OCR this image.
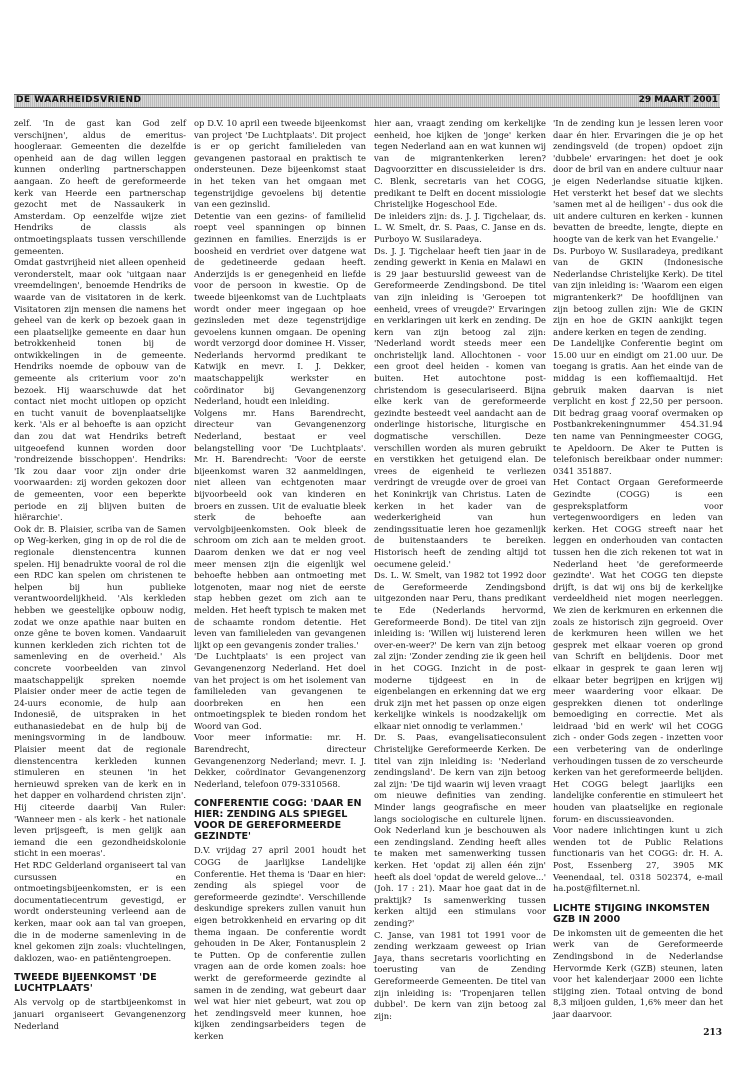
DE WAARHEIDSVRIEND	29 MAART 2001

zelf. 'In de gast kan God zelf verschijnen', aldus de emeritus-hoogleraar. Gemeenten die dezelfde openheid aan de dag willen leggen kunnen onderling partnerschappen aangaan. Zo heeft de gereformeerde kerk van Heerde een partnerschap gezocht met de Nassaukerk in Amsterdam. Op eenzelfde wijze ziet Hendriks de classis als ontmoetingsplaats tussen verschillende gemeenten.

Omdat gastvrijheid niet alleen openheid veronderstelt, maar ook 'uitgaan naar vreemdelingen', benoemde Hendriks de waarde van de visitatoren in de kerk. Visitatoren zijn mensen die namens het geheel van de kerk op bezoek gaan in een plaatselijke gemeente en daar hun betrokkenheid tonen bij de ontwikkelingen in de gemeente. Hendriks noemde de opbouw van de gemeente als criterium voor zo'n bezoek. Hij waarschuwde dat het contact niet mocht uitlopen op opzicht en tucht vanuit de bovenplaatselijke kerk. 'Als er al behoefte is aan opzicht dan zou dat wat Hendriks betreft uitgeoefend kunnen worden door 'rondreizende bisschoppen'. Hendriks: 'Ik zou daar voor zijn onder drie voorwaarden: zij worden gekozen door de gemeenten, voor een beperkte periode en zij blijven buiten de hiërarchie'.

Ook dr. B. Plaisier, scriba van de Samen op Weg-kerken, ging in op de rol die de regionale dienstencentra kunnen spelen. Hij benadrukte vooral de rol die een RDC kan spelen om christenen te helpen bij hun publieke verantwoordelijkheid. 'Als kerkleden hebben we geestelijke opbouw nodig, zodat we onze apathie naar buiten en onze gêne te boven komen. Vandaaruit kunnen kerkleden zich richten tot de samenleving en de overheid.' Als concrete voorbeelden van zinvol maatschappelijk spreken noemde Plaisier onder meer de actie tegen de 24-uurs economie, de hulp aan Indonesië, de uitspraken in het euthanasiedebat en de hulp bij de meningsvorming in de landbouw. Plaisier meent dat de regionale dienstencentra kerkleden kunnen stimuleren en steunen 'in het hernieuwd spreken van de kerk en in het dapper en volhardend christen zijn'. Hij citeerde daarbij Van Ruler: 'Wanneer men - als kerk - het nationale leven prijsgeeft, is men gelijk aan iemand die een gezondheidskolonie sticht in een moeras'.

Het RDC Gelderland organiseert tal van cursussen en ontmoetingsbijeenkomsten, er is een documentatiecentrum gevestigd, er wordt ondersteuning verleend aan de kerken, maar ook aan tal van groepen, die in de moderne samenleving in de knel gekomen zijn zoals: vluchtelingen, daklozen, wao- en patiëntengroepen.

TWEEDE BIJEENKOMST 'DE LUCHTPLAATS'

Als vervolg op de startbijeenkomst in januari organiseert Gevangenenzorg Nederland

op D.V. 10 april een tweede bijeenkomst van project 'De Luchtplaats'. Dit project is er op gericht familieleden van gevangenen pastoraal en praktisch te ondersteunen. Deze bijeenkomst staat in het teken van het omgaan met tegenstrijdige gevoelens bij detentie van een gezinslid.

Detentie van een gezins- of familielid roept veel spanningen op binnen gezinnen en families. Enerzijds is er boosheid en verdriet over datgene wat de gedetineerde gedaan heeft. Anderzijds is er genegenheid en liefde voor de persoon in kwestie. Op de tweede bijeenkomst van de Luchtplaats wordt onder meer ingegaan op hoe gezinsleden met deze tegenstrijdige gevoelens kunnen omgaan. De opening wordt verzorgd door dominee H. Visser, Nederlands hervormd predikant te Katwijk en mevr. I. J. Dekker, maatschappelijk werkster en coördinator bij Gevangenenzorg Nederland, houdt een inleiding.

Volgens mr. Hans Barendrecht, directeur van Gevangenenzorg Nederland, bestaat er veel belangstelling voor 'De Luchtplaats'. Mr. H. Barendrecht: 'Voor de eerste bijeenkomst waren 32 aanmeldingen, niet alleen van echtgenoten maar bijvoorbeeld ook van kinderen en broers en zussen. Uit de evaluatie bleek sterk de behoefte aan vervolgbijeenkomsten. Ook bleek de schroom om zich aan te melden groot. Daarom denken we dat er nog veel meer mensen zijn die eigenlijk wel behoefte hebben aan ontmoeting met lotgenoten, maar nog niet de eerste stap hebben gezet om zich aan te melden. Het heeft typisch te maken met de schaamte rondom detentie. Het leven van familieleden van gevangenen lijkt op een gevangenis zonder tralies.'

'De Luchtplaats' is een project van Gevangenenzorg Nederland. Het doel van het project is om het isolement van familieleden van gevangenen te doorbreken en hen een ontmoetingsplek te bieden rondom het Woord van God.

Voor meer informatie: mr. H. Barendrecht, directeur Gevangenenzorg Nederland; mevr. I. J. Dekker, coördinator Gevangenenzorg Nederland, telefoon 079-3310568.

CONFERENTIE COGG: 'DAAR EN HIER: ZENDING ALS SPIEGEL VOOR DE GEREFORMEERDE GEZINDTE'

D.V. vrijdag 27 april 2001 houdt het COGG de jaarlijkse Landelijke Conferentie. Het thema is 'Daar en hier: zending als spiegel voor de gereformeerde gezindte'. Verschillende deskundige sprekers zullen vanuit hun eigen betrokkenheid en ervaring op dit thema ingaan. De conferentie wordt gehouden in De Aker, Fontanusplein 2 te Putten. Op de conferentie zullen vragen aan de orde komen zoals: hoe werkt de gereformeerde gezindte al samen in de zending, wat gebeurt daar wel wat hier niet gebeurt, wat zou op het zendingsveld meer kunnen, hoe kijken zendingsarbeiders tegen de kerken

hier aan, vraagt zending om kerkelijke eenheid, hoe kijken de 'jonge' kerken tegen Nederland aan en wat kunnen wij van de migrantenkerken leren? Dagvoorzitter en discussieleider is drs. C. Blenk, secretaris van het COGG, predikant te Delft en docent missiologie Christelijke Hogeschool Ede.

De inleiders zijn: ds. J. J. Tigchelaar, ds. L. W. Smelt, dr. S. Paas, C. Janse en ds. Purboyo W. Susilaradeya.

Ds. J. J. Tigchelaar heeft tien jaar in de zending gewerkt in Kenia en Malawi en is 29 jaar bestuurslid geweest van de Gereformeerde Zendingsbond. De titel van zijn inleiding is 'Geroepen tot eenheid, vrees of vreugde?' Ervaringen en verklaringen uit kerk en zending. De kern van zijn betoog zal zijn: 'Nederland wordt steeds meer een onchristelijk land. Allochtonen - voor een groot deel heiden - komen van buiten. Het autochtone post-christendom is geseculariseerd. Bijna elke kerk van de gereformeerde gezindte besteedt veel aandacht aan de onderlinge historische, liturgische en dogmatische verschillen. Deze verschillen worden als muren gebruikt en verstikken het getuigend elan. De vrees de eigenheid te verliezen verdringt de vreugde over de groei van het Koninkrijk van Christus. Laten de kerken in het kader van de wederkerigheid van hun zendingssituatie leren hoe gezamenlijk de buitenstaanders te bereiken. Historisch heeft de zending altijd tot oecumene geleid.'

Ds. L. W. Smelt, van 1982 tot 1992 door de Gereformeerde Zendingsbond uitgezonden naar Peru, thans predikant te Ede (Nederlands hervormd, Gereformeerde Bond). De titel van zijn inleiding is: 'Willen wij luisterend leren over-en-weer?' De kern van zijn betoog zal zijn: 'Zonder zending zie ik geen heil in het COGG. Inzicht in de post-moderne tijdgeest en in de eigenbelangen en erkenning dat we erg druk zijn met het passen op onze eigen kerkelijke winkels is noodzakelijk om elkaar niet onnodig te verlammen.'

Dr. S. Paas, evangelisatieconsulent Christelijke Gereformeerde Kerken. De titel van zijn inleiding is: 'Nederland zendingsland'. De kern van zijn betoog zal zijn: 'De tijd waarin wij leven vraagt om nieuwe definities van zending. Minder langs geografische en meer langs sociologische en culturele lijnen. Ook Nederland kun je beschouwen als een zendingsland. Zending heeft alles te maken met samenwerking tussen kerken. Het 'opdat zij allen één zijn' heeft als doel 'opdat de wereld gelove...' (Joh. 17 : 21). Maar hoe gaat dat in de praktijk? Is samenwerking tussen kerken altijd een stimulans voor zending?'

C. Janse, van 1981 tot 1991 voor de zending werkzaam geweest op Irian Jaya, thans secretaris voorlichting en toerusting van de Zending Gereformeerde Gemeenten. De titel van zijn inleiding is: 'Tropenjaren tellen dubbel'. De kern van zijn betoog zal zijn:

'In de zending kun je lessen leren voor daar én hier. Ervaringen die je op het zendingsveld (de tropen) opdoet zijn 'dubbele' ervaringen: het doet je ook door de bril van en andere cultuur naar je eigen Nederlandse situatie kijken. Het versterkt het besef dat we slechts 'samen met al de heiligen' - dus ook die uit andere culturen en kerken - kunnen bevatten de breedte, lengte, diepte en hoogte van de kerk van het Evangelie.'

Ds. Purboyo W. Susilaradeya, predikant van de GKIN (Indonesische Nederlandse Christelijke Kerk). De titel van zijn inleiding is: 'Waarom een eigen migrantenkerk?' De hoofdlijnen van zijn betoog zullen zijn: Wie de GKIN zijn en hoe de GKIN aankijkt tegen andere kerken en tegen de zending.

De Landelijke Conferentie begint om 15.00 uur en eindigt om 21.00 uur. De toegang is gratis. Aan het einde van de middag is een koffiemaaltijd. Het gebruik maken daarvan is niet verplicht en kost ƒ 22,50 per persoon. Dit bedrag graag vooraf overmaken op Postbankrekeningnummer 454.31.94 ten name van Penningmeester COGG, te Apeldoorn. De Aker te Putten is telefonisch bereikbaar onder nummer: 0341 351887.

Het Contact Orgaan Gereformeerde Gezindte (COGG) is een gespreksplatform voor vertegenwoordigers en leden van kerken. Het COGG streeft naar het leggen en onderhouden van contacten tussen hen die zich rekenen tot wat in Nederland heet 'de gereformeerde gezindte'. Wat het COGG ten diepste drijft, is dat wij ons bij de kerkelijke verdeeldheid niet mogen neerleggen. We zien de kerkmuren en erkennen die zoals ze historisch zijn gegroeid. Over de kerkmuren heen willen we het gesprek met elkaar voeren op grond van Schrift en belijdenis. Door met elkaar in gesprek te gaan leren wij elkaar beter begrijpen en krijgen wij meer waardering voor elkaar. De gesprekken dienen tot onderlinge bemoediging en correctie. Met als leidraad 'bid en werk' wil het COGG zich - onder Gods zegen - inzetten voor een verbetering van de onderlinge verhoudingen tussen de zo verscheurde kerken van het gereformeerde belijden. Het COGG belegt jaarlijks een landelijke conferentie en stimuleert het houden van plaatselijke en regionale forum- en discussieavonden.

Voor nadere inlichtingen kunt u zich wenden tot de Public Relations functionaris van het COGG: dr. H. A. Post, Essenberg 27, 3905 MK Veenendaal, tel. 0318 502374, e-mail ha.post@filternet.nl.

LICHTE STIJGING INKOMSTEN GZB IN 2000

De inkomsten uit de gemeenten die het werk van de Gereformeerde Zendingsbond in de Nederlandse Hervormde Kerk (GZB) steunen, laten voor het kalenderjaar 2000 een lichte stijging zien. Totaal ontving de bond 8,3 miljoen gulden, 1,6% meer dan het jaar daarvoor.

213
